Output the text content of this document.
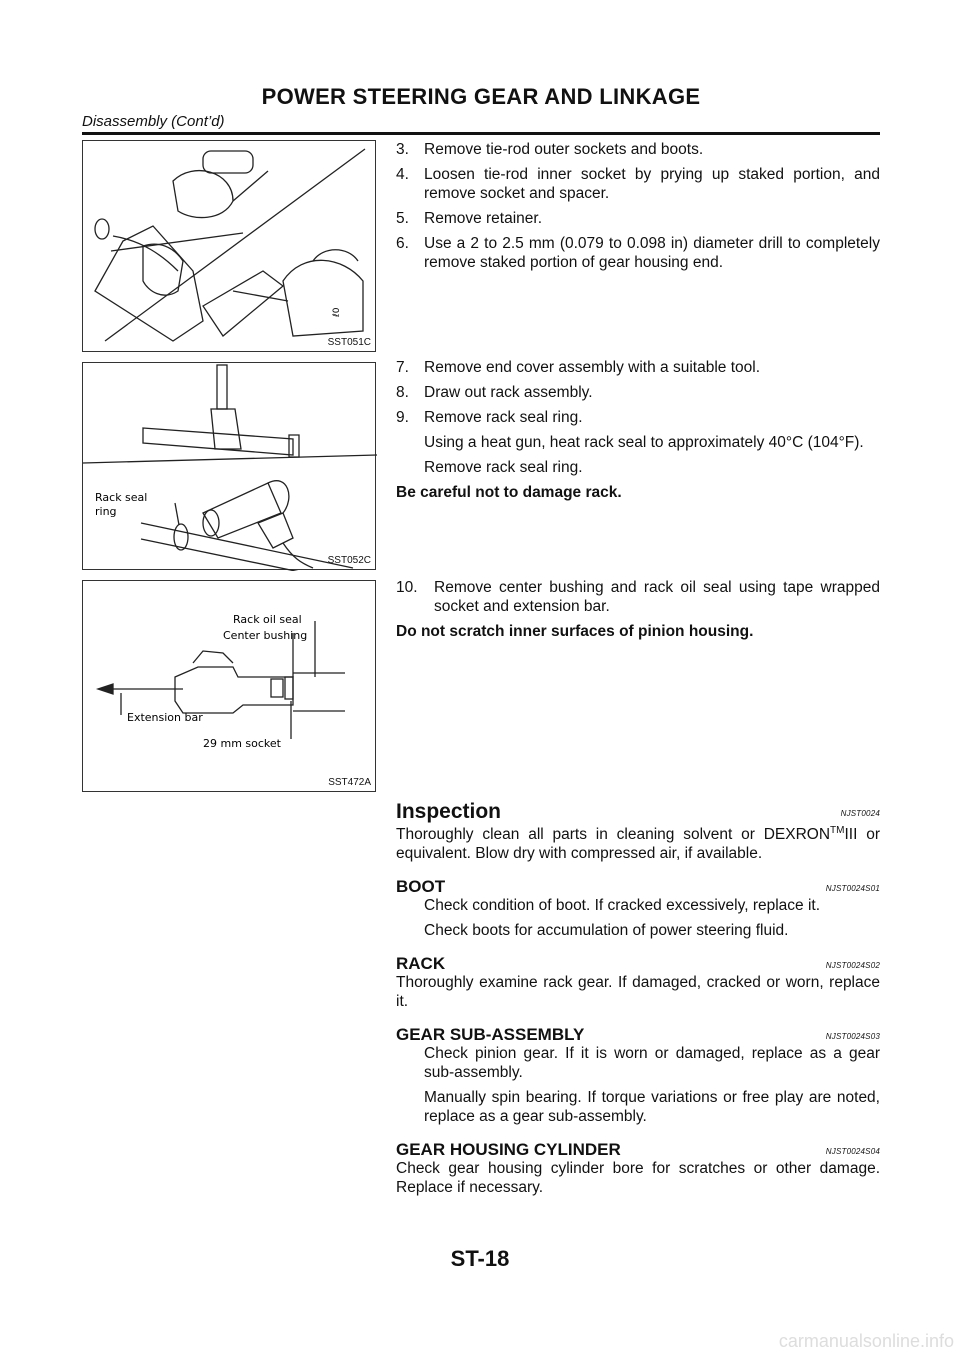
POWER STEERING GEAR AND LINKAGE
Disassembly (Cont’d)
ℓ0
SST051C
Rack seal
ring
SST052C
Rack oil seal
Center bushing
Extension bar
29 mm socket
SST472A
3. Remove tie-rod outer sockets and boots.
4. Loosen tie-rod inner socket by prying up staked portion, and remove socket and spacer.
5. Remove retainer.
6. Use a 2 to 2.5 mm (0.079 to 0.098 in) diameter drill to completely remove staked portion of gear housing end.
7. Remove end cover assembly with a suitable tool.
8. Draw out rack assembly.
9. Remove rack seal ring.
Using a heat gun, heat rack seal to approximately 40°C (104°F).
Remove rack seal ring.
Be careful not to damage rack.
10. Remove center bushing and rack oil seal using tape wrapped socket and extension bar.
Do not scratch inner surfaces of pinion housing.
Inspection	NJST0024
Thoroughly clean all parts in cleaning solvent or DEXRON™III or equivalent. Blow dry with compressed air, if available.
BOOT	NJST0024S01
Check condition of boot. If cracked excessively, replace it.
Check boots for accumulation of power steering fluid.
RACK	NJST0024S02
Thoroughly examine rack gear. If damaged, cracked or worn, replace it.
GEAR SUB-ASSEMBLY	NJST0024S03
Check pinion gear. If it is worn or damaged, replace as a gear sub-assembly.
Manually spin bearing. If torque variations or free play are noted, replace as a gear sub-assembly.
GEAR HOUSING CYLINDER	NJST0024S04
Check gear housing cylinder bore for scratches or other damage. Replace if necessary.
ST-18
carmanualsonline.info
